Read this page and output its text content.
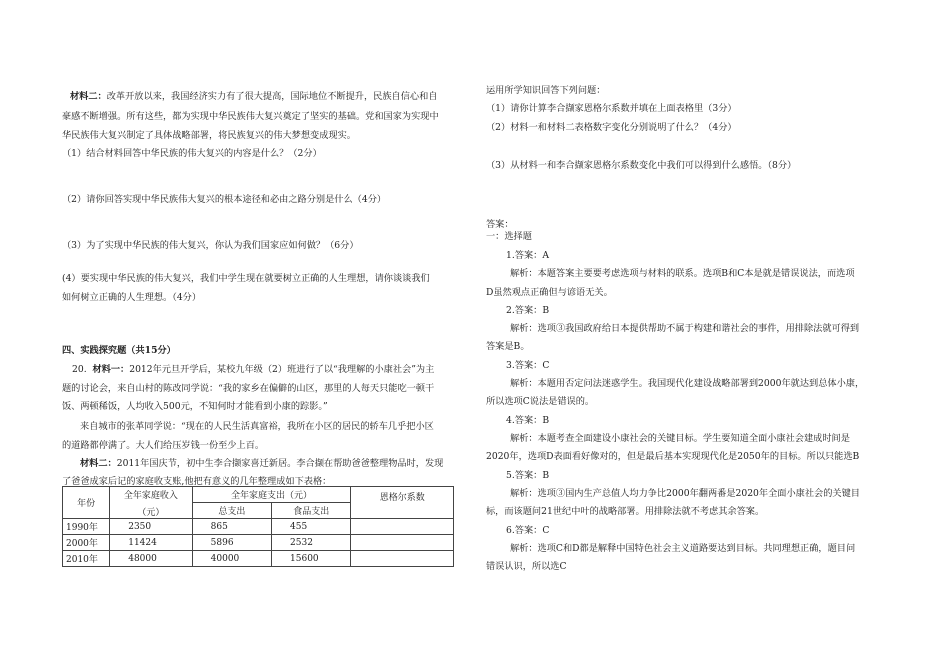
材料二：改革开放以来，我国经济实力有了很大提高，国际地位不断提升，民族自信心和自
豪感不断增强。所有这些，都为实现中华民族伟大复兴奠定了坚实的基础。党和国家为实现中
华民族伟大复兴制定了具体战略部署，将民族复兴的伟大梦想变成现实。
（1）结合材料回答中华民族的伟大复兴的内容是什么？（2分）
（2）请你回答实现中华民族伟大复兴的根本途径和必由之路分别是什么（4分）
（3）为了实现中华民族的伟大复兴，你认为我们国家应如何做？（6分）
(4）要实现中华民族的伟大复兴，我们中学生现在就要树立正确的人生理想，请你谈谈我们
如何树立正确的人生理想。（4分）
四、实践探究题（共15分）
20. 材料一：2012年元旦开学后，某校九年级（2）班进行了以“我理解的小康社会”为主
题的讨论会，来自山村的陈改同学说：“我的家乡在偏僻的山区，那里的人每天只能吃一顿干
饭、两顿稀饭，人均收入500元，不知何时才能看到小康的踪影。”
来自城市的张革同学说：“现在的人民生活真富裕，我所在小区的居民的轿车几乎把小区
的道路都停满了。大人们给压岁钱一份至少上百。
材料二：2011年国庆节，初中生李合撷家喜迁新居。李合撷在帮助爸爸整理物品时，发现
了爸爸成家后记的家庭收支账,他把有意义的几年整理成如下表格：
年份	全年家庭收入
（元）	全年家庭支出（元）		恩格尔系数
		总支出	食品支出	
1990年	2350	865	455	
2000年	11424	5896	2532	
2010年	48000	40000	15600	
运用所学知识回答下列问题：
（1）请你计算李合撷家恩格尔系数并填在上面表格里（3分）
（2）材料一和材料二表格数字变化分别说明了什么？（4分）
（3）从材料一和李合撷家恩格尔系数变化中我们可以得到什么感悟。（8分）
答案：
一：选择题
1.答案：A
解析：本题答案主要要考虑选项与材料的联系。选项B和C本是就是错误说法，而选项
D虽然观点正确但与谚语无关。
2.答案：B
解析：选项③我国政府给日本提供帮助不属于构建和谐社会的事件，用排除法就可得到
答案是B。
3.答案：C
解析：本题用否定问法迷惑学生。我国现代化建设战略部署到2000年就达到总体小康，
所以选项C说法是错误的。
4.答案：B
解析：本题考查全面建设小康社会的关键目标。学生要知道全面小康社会建成时间是
2020年，选项D表面看好像对的，但是最后基本实现现代化是2050年的目标。所以只能选B
5.答案：B
解析：选项③国内生产总值人均力争比2000年翻两番是2020年全面小康社会的关键目
标，而该题问21世纪中叶的战略部署。用排除法就不考虑其余答案。
6.答案：C
解析：选项C和D都是解释中国特色社会主义道路要达到目标。共同理想正确，题目问
错误认识，所以选C
